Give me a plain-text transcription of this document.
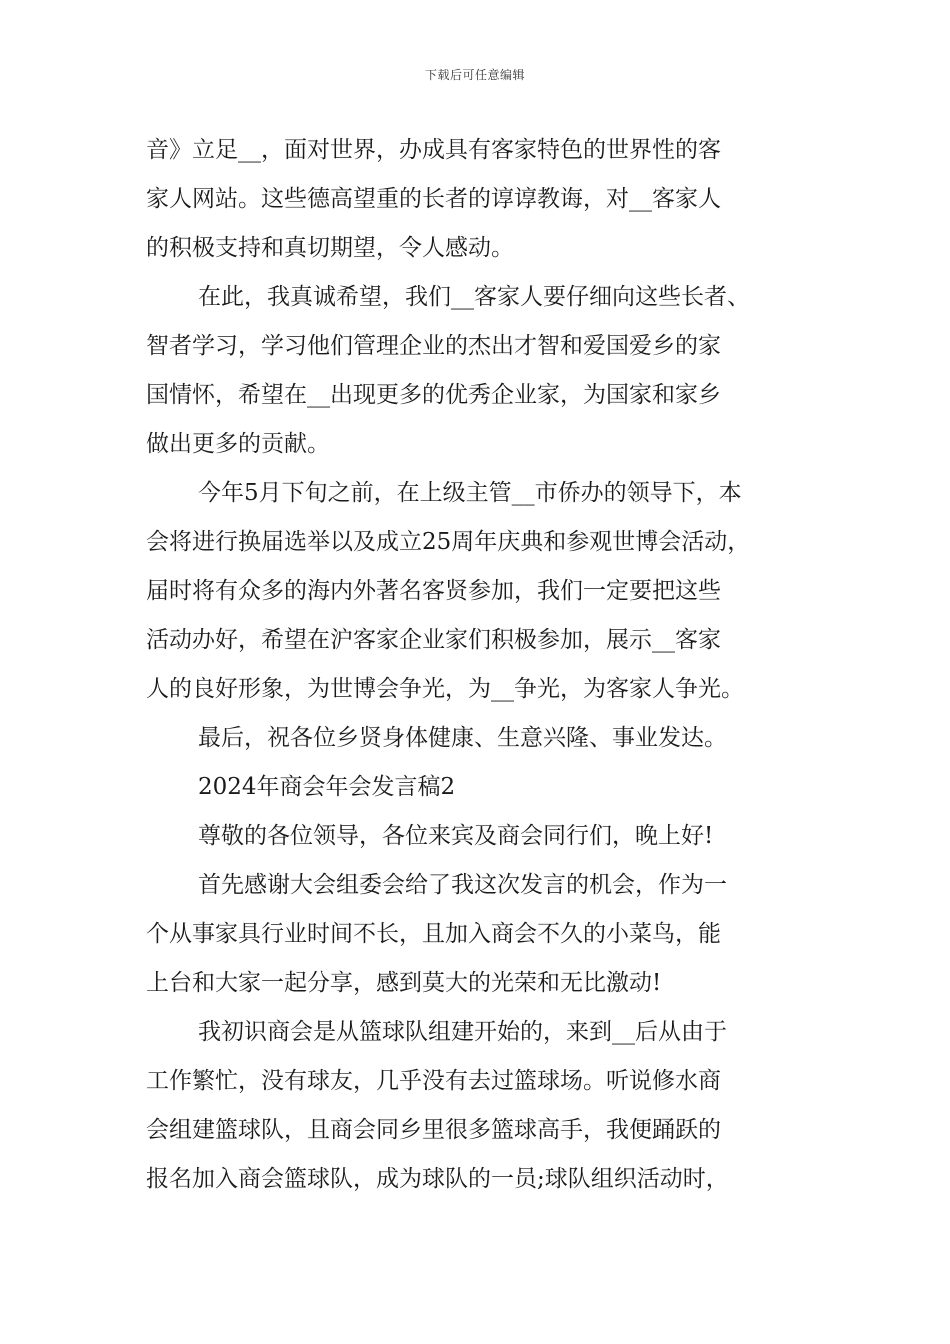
下载后可任意编辑
音》立足__，面对世界，办成具有客家特色的世界性的客
家人网站。这些德高望重的长者的谆谆教诲，对__客家人
的积极支持和真切期望，令人感动。
在此，我真诚希望，我们__客家人要仔细向这些长者、
智者学习，学习他们管理企业的杰出才智和爱国爱乡的家
国情怀，希望在__出现更多的优秀企业家，为国家和家乡
做出更多的贡献。
今年5月下旬之前，在上级主管__市侨办的领导下，本
会将进行换届选举以及成立25周年庆典和参观世博会活动，
届时将有众多的海内外著名客贤参加，我们一定要把这些
活动办好，希望在沪客家企业家们积极参加，展示__客家
人的良好形象，为世博会争光，为__争光，为客家人争光。
最后，祝各位乡贤身体健康、生意兴隆、事业发达。
2024年商会年会发言稿2
尊敬的各位领导，各位来宾及商会同行们，晚上好!
首先感谢大会组委会给了我这次发言的机会，作为一
个从事家具行业时间不长，且加入商会不久的小菜鸟，能
上台和大家一起分享，感到莫大的光荣和无比激动!
我初识商会是从篮球队组建开始的，来到__后从由于
工作繁忙，没有球友，几乎没有去过篮球场。听说修水商
会组建篮球队，且商会同乡里很多篮球高手，我便踊跃的
报名加入商会篮球队，成为球队的一员;球队组织活动时，
